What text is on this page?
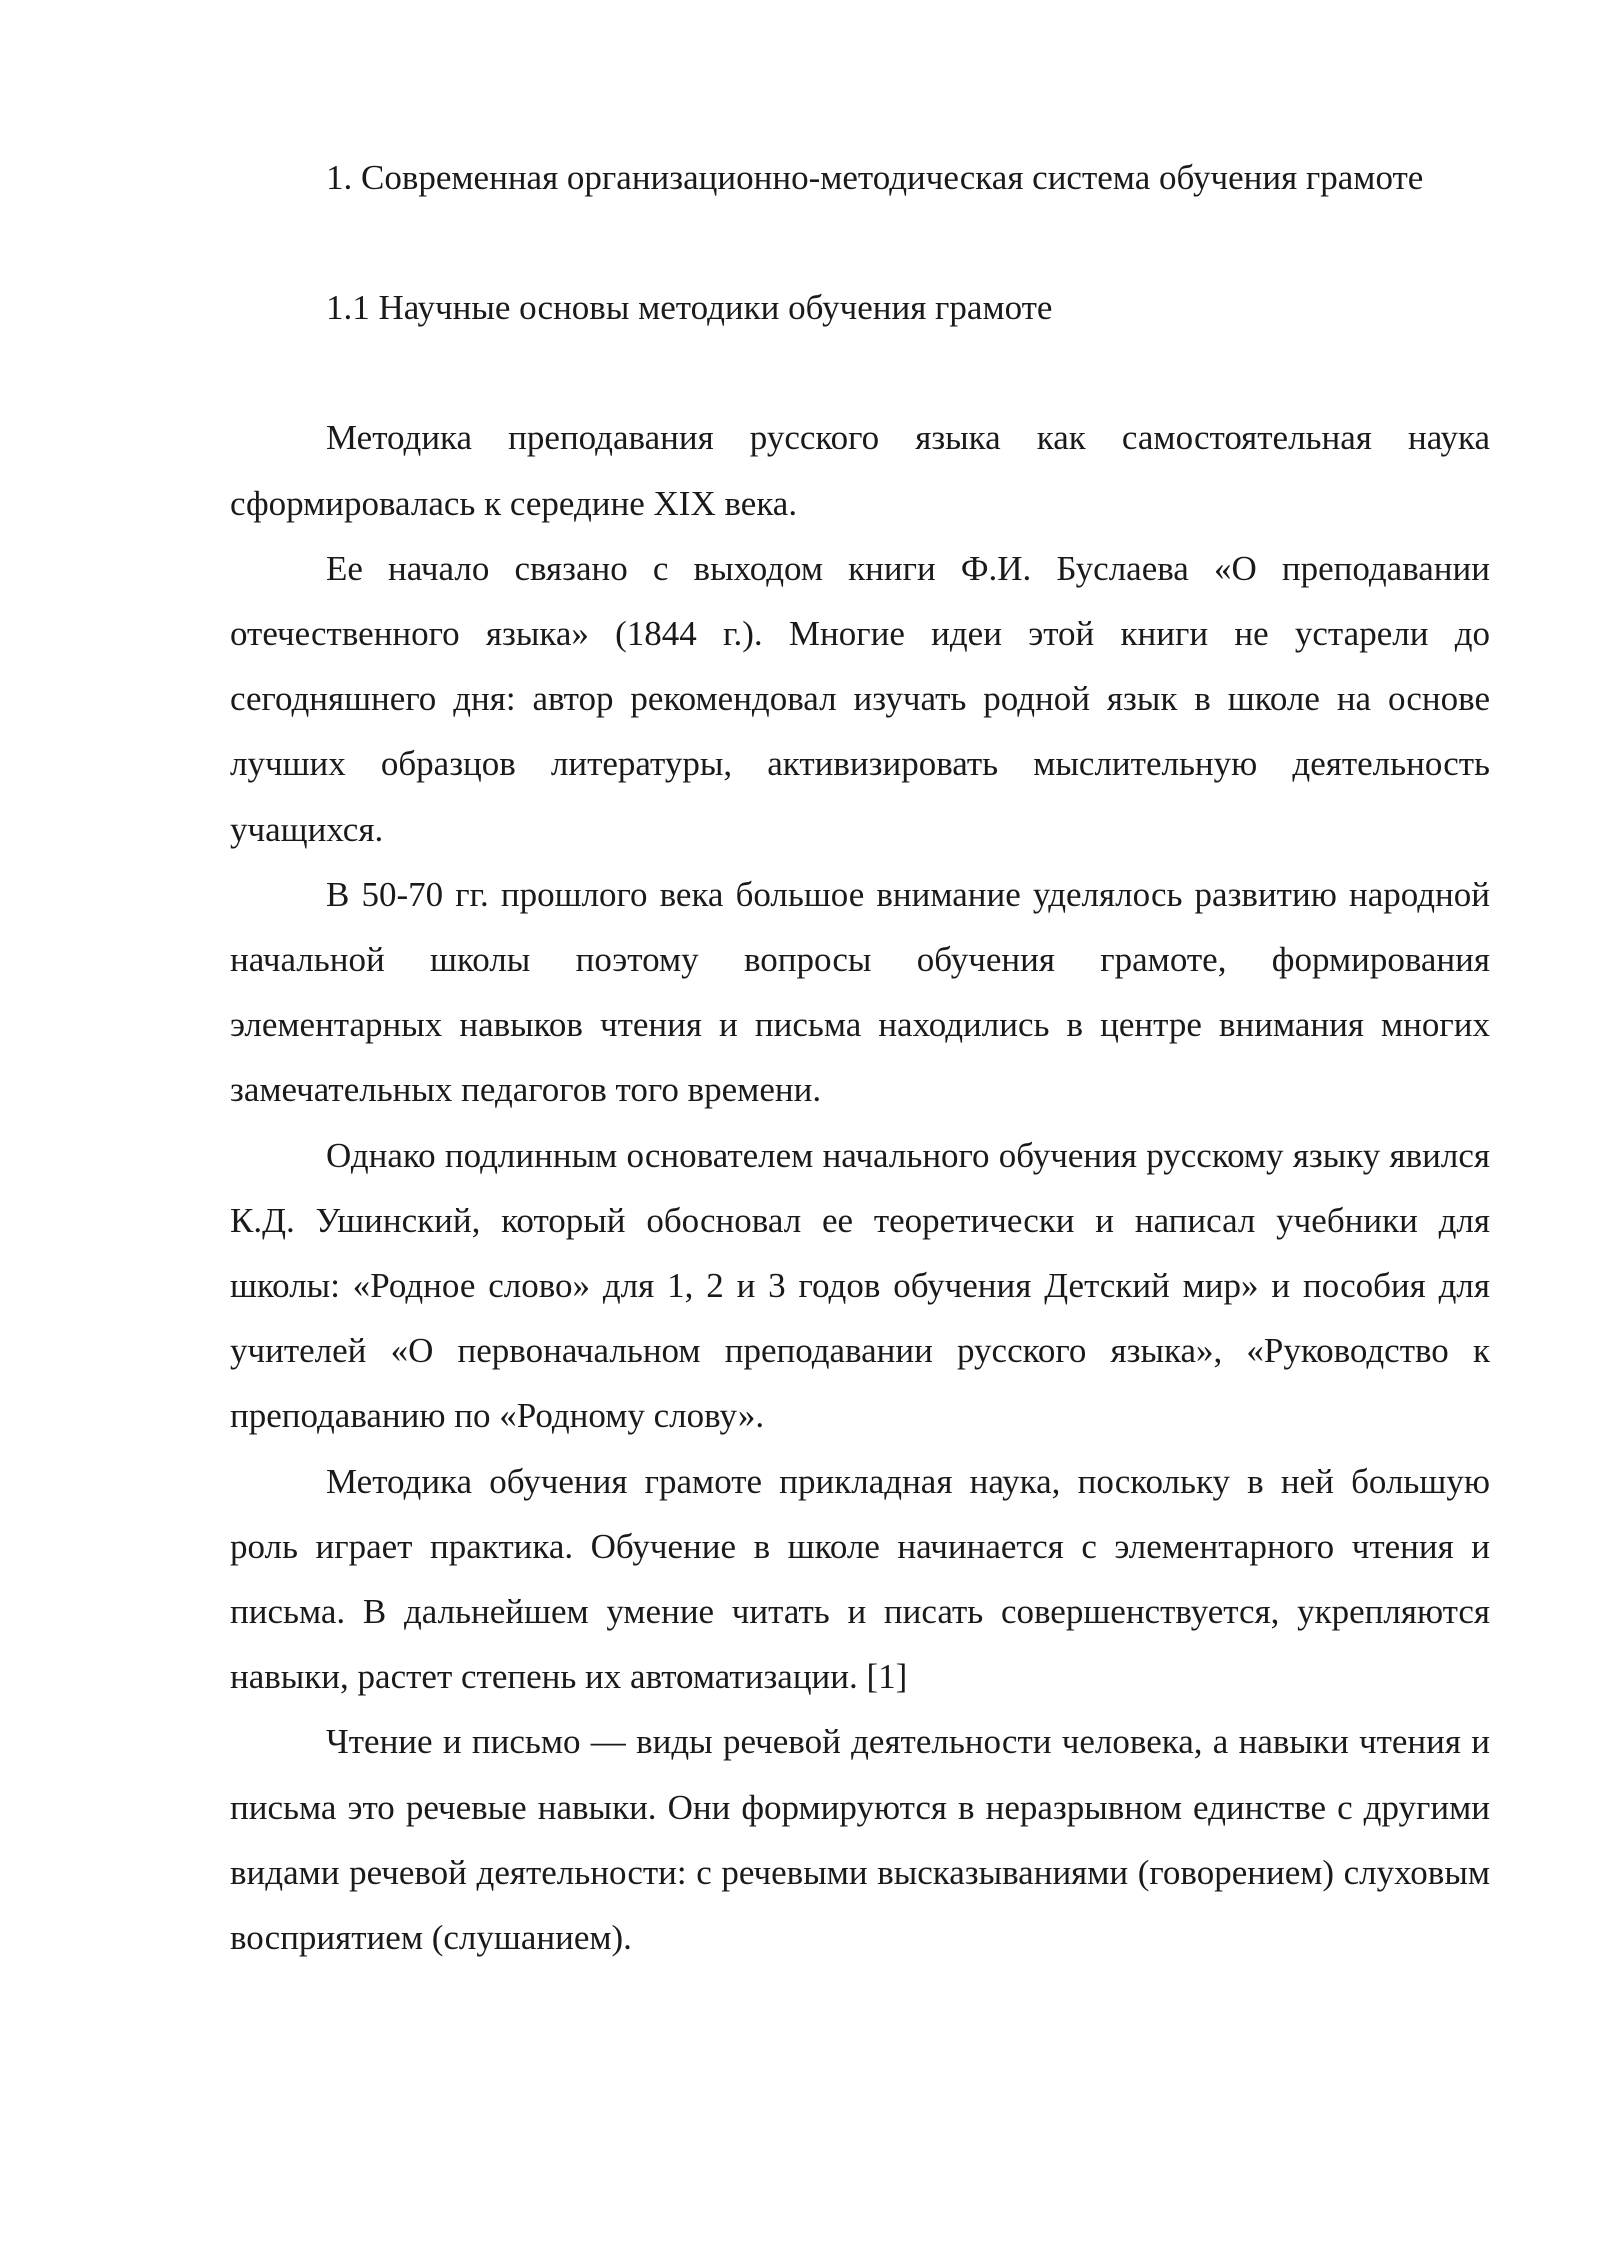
1. Современная организационно-методическая система обучения грамоте

1.1 Научные основы методики обучения грамоте

Методика преподавания русского языка как самостоятельная наука сформировалась к середине XIX века.

Ее начало связано с выходом книги Ф.И. Буслаева «О преподавании отечественного языка» (1844 г.). Многие идеи этой книги не устарели до сегодняшнего дня: автор рекомендовал изучать родной язык в школе на основе лучших образцов литературы, активизировать мыслительную деятельность учащихся.

В 50-70 гг. прошлого века большое внимание уделялось развитию народной начальной школы поэтому вопросы обучения грамоте, формирования элементарных навыков чтения и письма находились в центре внимания многих замечательных педагогов того времени.

Однако подлинным основателем начального обучения русскому языку явился К.Д. Ушинский, который обосновал ее теоретически и написал учебники для школы: «Родное слово» для 1, 2 и 3 годов обучения Детский мир» и пособия для учителей «О первоначальном преподавании русского языка», «Руководство к преподаванию по «Родному слову».

Методика обучения грамоте прикладная наука, поскольку в ней большую роль играет практика. Обучение в школе начинается с элементарного чтения и письма. В дальнейшем умение читать и писать совершенствуется, укрепляются навыки, растет степень их автоматизации. [1]

Чтение и письмо — виды речевой деятельности человека, а навыки чтения и письма это речевые навыки. Они формируются в неразрывном единстве с другими видами речевой деятельности: с речевыми высказываниями (говорением) слуховым восприятием (слушанием).
